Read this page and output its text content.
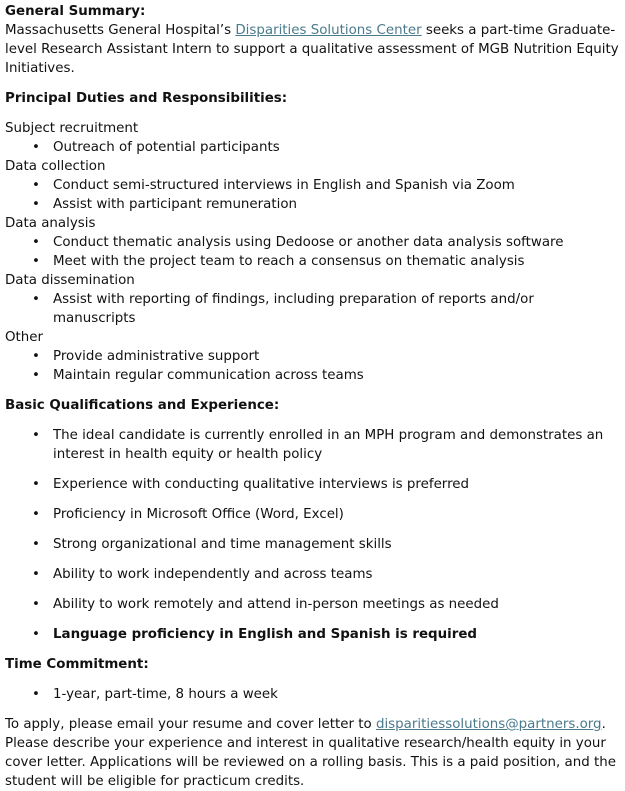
General Summary:

Massachusetts General Hospital’s Disparities Solutions Center seeks a part-time Graduate-level Research Assistant Intern to support a qualitative assessment of MGB Nutrition Equity Initiatives.

Principal Duties and Responsibilities:

Subject recruitment

• Outreach of potential participants

Data collection

• Conduct semi-structured interviews in English and Spanish via Zoom
• Assist with participant remuneration

Data analysis

• Conduct thematic analysis using Dedoose or another data analysis software
• Meet with the project team to reach a consensus on thematic analysis

Data dissemination

• Assist with reporting of findings, including preparation of reports and/or manuscripts

Other

• Provide administrative support
• Maintain regular communication across teams

Basic Qualifications and Experience:

• The ideal candidate is currently enrolled in an MPH program and demonstrates an interest in health equity or health policy
• Experience with conducting qualitative interviews is preferred
• Proficiency in Microsoft Office (Word, Excel)
• Strong organizational and time management skills
• Ability to work independently and across teams
• Ability to work remotely and attend in-person meetings as needed
• Language proficiency in English and Spanish is required

Time Commitment:

• 1-year, part-time, 8 hours a week

To apply, please email your resume and cover letter to disparitiessolutions@partners.org. Please describe your experience and interest in qualitative research/health equity in your cover letter. Applications will be reviewed on a rolling basis. This is a paid position, and the student will be eligible for practicum credits.
